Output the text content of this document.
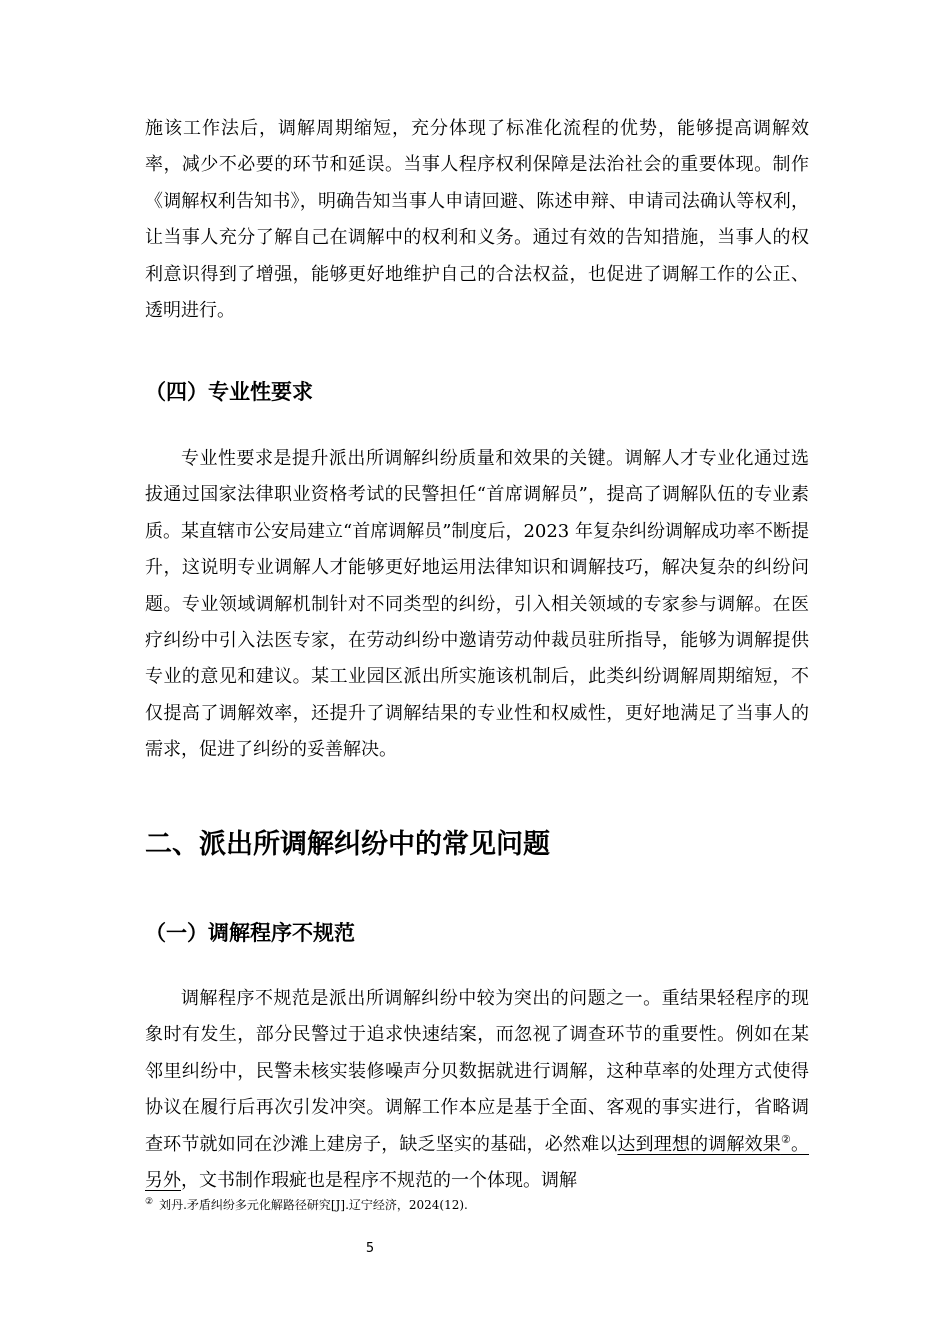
施该工作法后，调解周期缩短，充分体现了标准化流程的优势，能够提高调解效率，减少不必要的环节和延误。当事人程序权利保障是法治社会的重要体现。制作《调解权利告知书》，明确告知当事人申请回避、陈述申辩、申请司法确认等权利，让当事人充分了解自己在调解中的权利和义务。通过有效的告知措施，当事人的权利意识得到了增强，能够更好地维护自己的合法权益，也促进了调解工作的公正、透明进行。

（四）专业性要求

专业性要求是提升派出所调解纠纷质量和效果的关键。调解人才专业化通过选拔通过国家法律职业资格考试的民警担任“首席调解员”，提高了调解队伍的专业素质。某直辖市公安局建立“首席调解员”制度后，2023 年复杂纠纷调解成功率不断提升，这说明专业调解人才能够更好地运用法律知识和调解技巧，解决复杂的纠纷问题。专业领域调解机制针对不同类型的纠纷，引入相关领域的专家参与调解。在医疗纠纷中引入法医专家，在劳动纠纷中邀请劳动仲裁员驻所指导，能够为调解提供专业的意见和建议。某工业园区派出所实施该机制后，此类纠纷调解周期缩短，不仅提高了调解效率，还提升了调解结果的专业性和权威性，更好地满足了当事人的需求，促进了纠纷的妥善解决。

二、派出所调解纠纷中的常见问题
（一）调解程序不规范

调解程序不规范是派出所调解纠纷中较为突出的问题之一。重结果轻程序的现象时有发生，部分民警过于追求快速结案，而忽视了调查环节的重要性。例如在某邻里纠纷中，民警未核实装修噪声分贝数据就进行调解，这种草率的处理方式使得协议在履行后再次引发冲突。调解工作本应是基于全面、客观的事实进行，省略调查环节就如同在沙滩上建房子，缺乏坚实的基础，必然难以达到理想的调解效果②。另外，文书制作瑕疵也是程序不规范的一个体现。调解

② 刘丹.矛盾纠纷多元化解路径研究[J].辽宁经济，2024(12).

5
